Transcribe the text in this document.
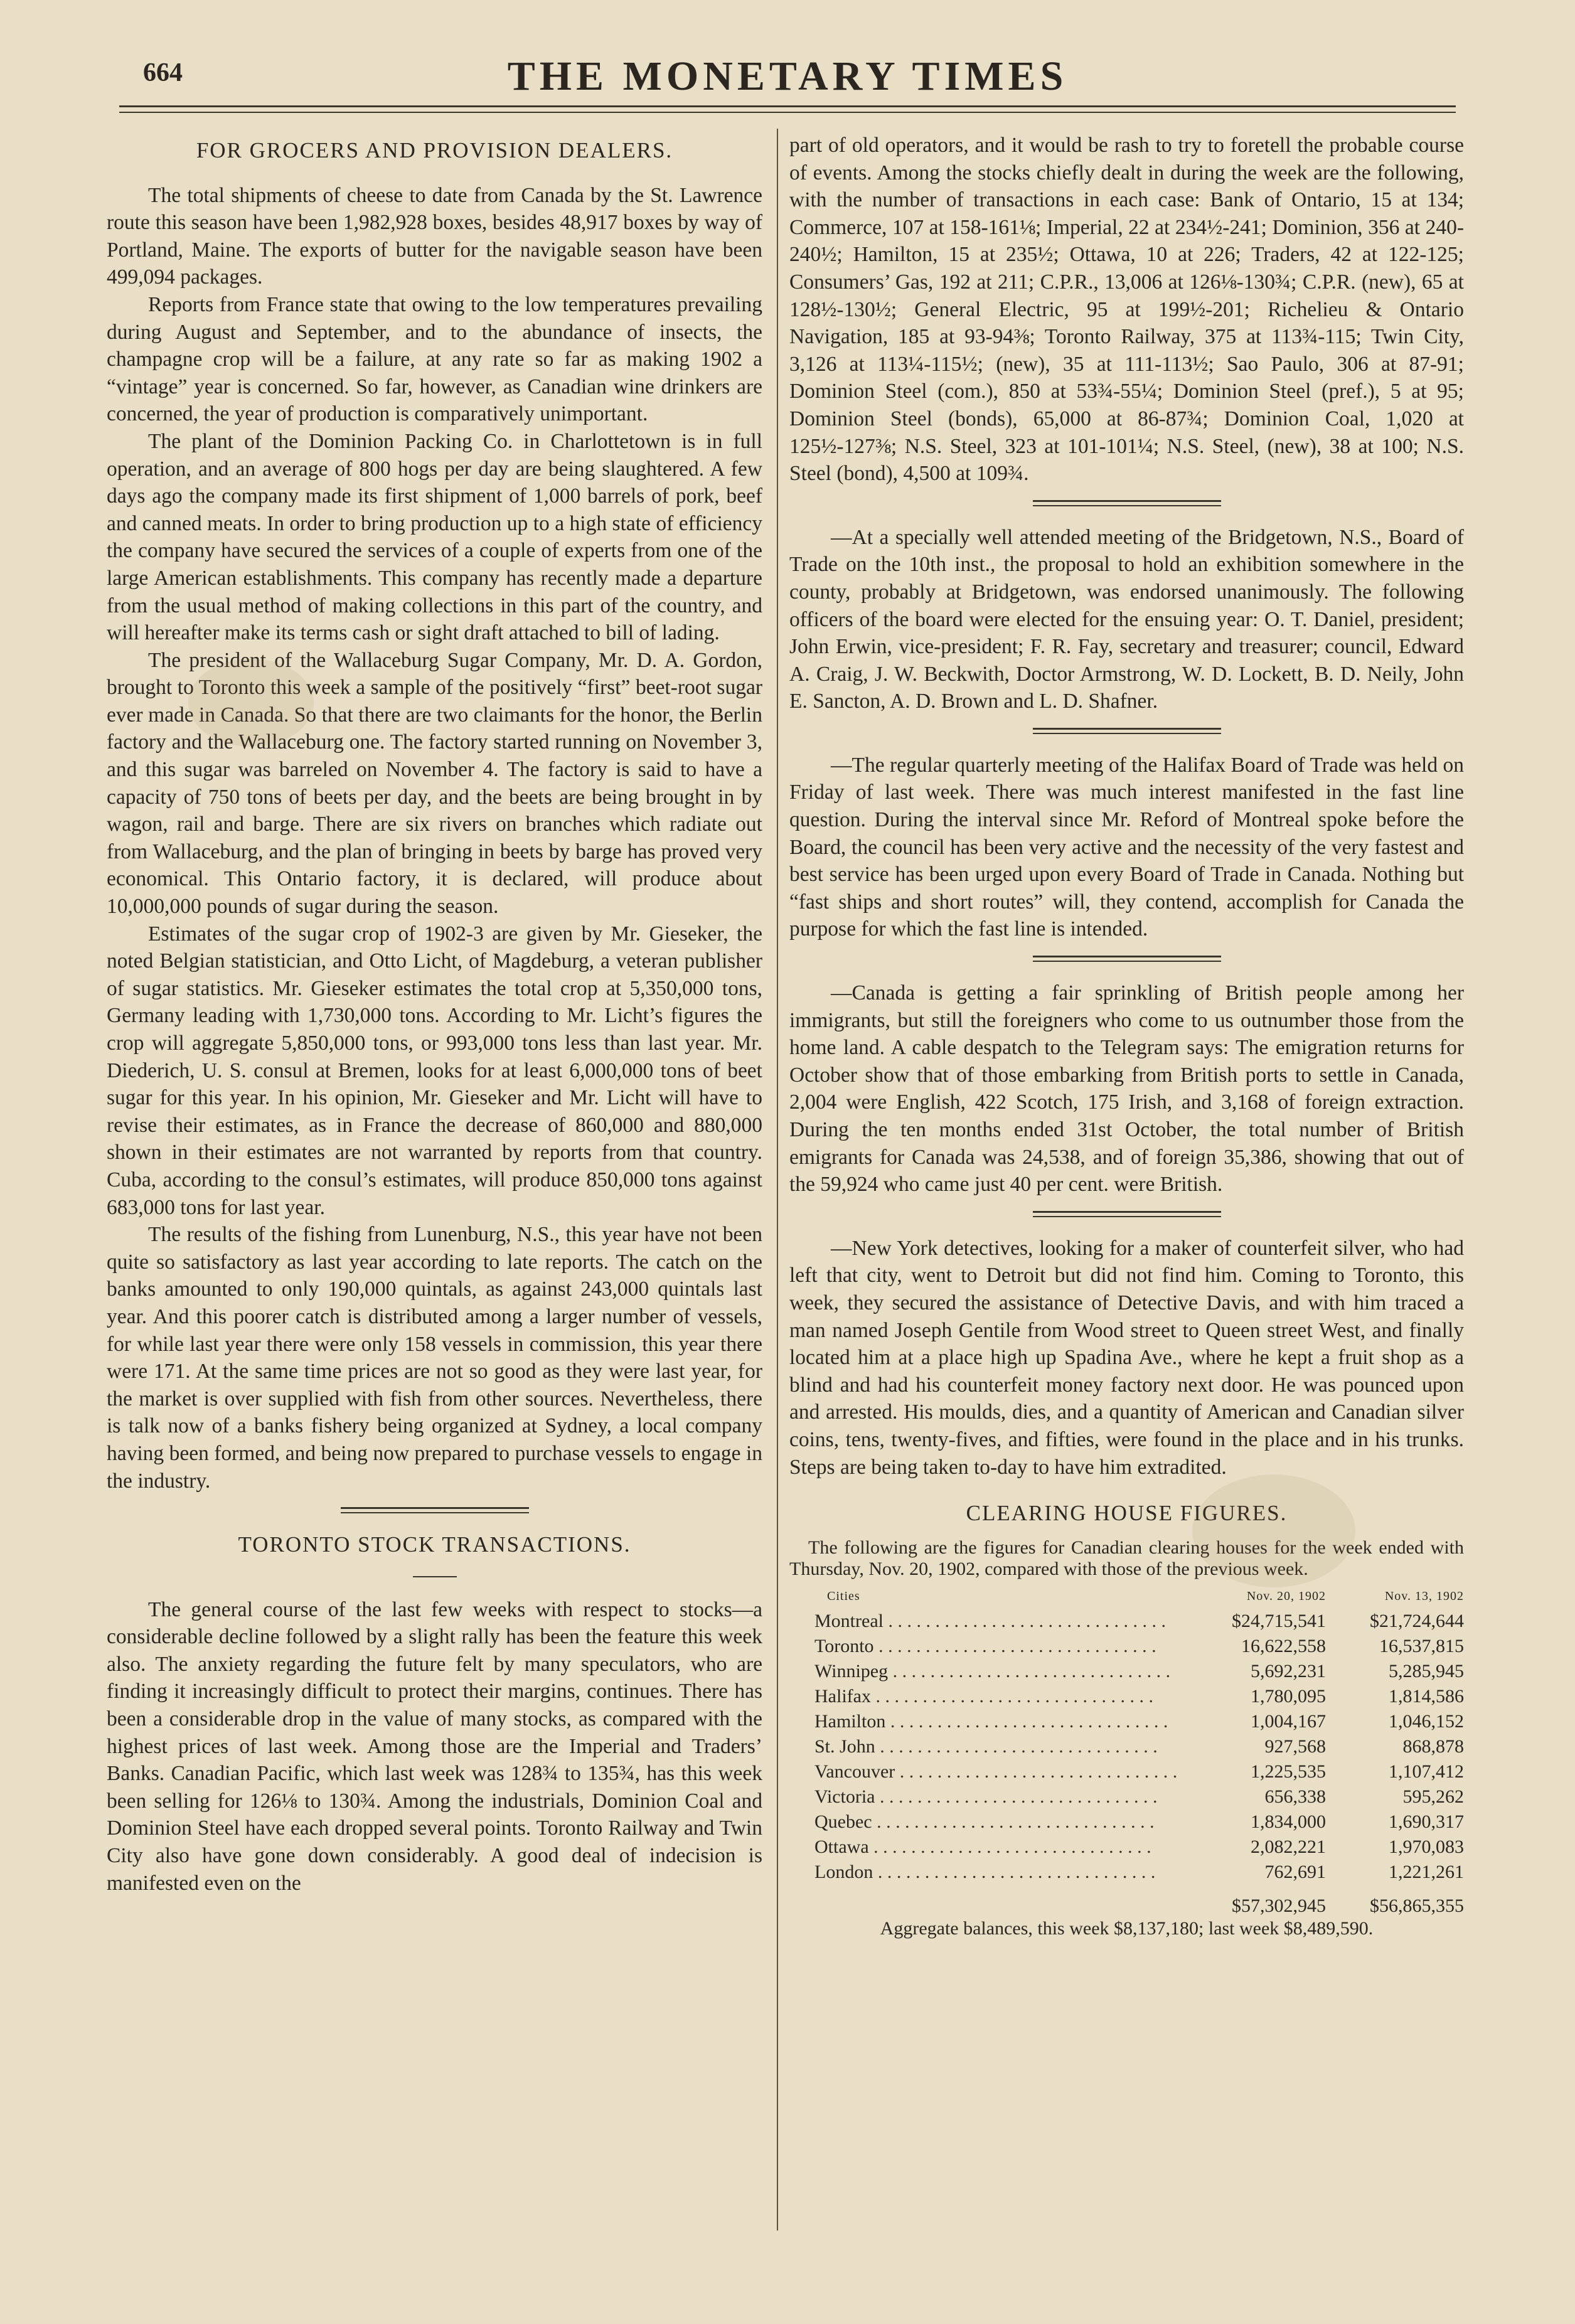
664	THE MONETARY TIMES
FOR GROCERS AND PROVISION DEALERS.

The total shipments of cheese to date from Canada by the St. Lawrence route this season have been 1,982,928 boxes, besides 48,917 boxes by way of Portland, Maine. The exports of butter for the navigable season have been 499,094 packages.

Reports from France state that owing to the low temperatures prevailing during August and September, and to the abundance of insects, the champagne crop will be a failure, at any rate so far as making 1902 a “vintage” year is concerned. So far, however, as Canadian wine drinkers are concerned, the year of production is comparatively unimportant.

The plant of the Dominion Packing Co. in Charlottetown is in full operation, and an average of 800 hogs per day are being slaughtered. A few days ago the company made its first shipment of 1,000 barrels of pork, beef and canned meats. In order to bring production up to a high state of efficiency the company have secured the services of a couple of experts from one of the large American establishments. This company has recently made a departure from the usual method of making collections in this part of the country, and will hereafter make its terms cash or sight draft attached to bill of lading.

The president of the Wallaceburg Sugar Company, Mr. D. A. Gordon, brought to Toronto this week a sample of the positively “first” beet-root sugar ever made in Canada. So that there are two claimants for the honor, the Berlin factory and the Wallaceburg one. The factory started running on November 3, and this sugar was barreled on November 4. The factory is said to have a capacity of 750 tons of beets per day, and the beets are being brought in by wagon, rail and barge. There are six rivers on branches which radiate out from Wallaceburg, and the plan of bringing in beets by barge has proved very economical. This Ontario factory, it is declared, will produce about 10,000,000 pounds of sugar during the season.

Estimates of the sugar crop of 1902-3 are given by Mr. Gieseker, the noted Belgian statistician, and Otto Licht, of Magdeburg, a veteran publisher of sugar statistics. Mr. Gieseker estimates the total crop at 5,350,000 tons, Germany leading with 1,730,000 tons. According to Mr. Licht’s figures the crop will aggregate 5,850,000 tons, or 993,000 tons less than last year. Mr. Diederich, U. S. consul at Bremen, looks for at least 6,000,000 tons of beet sugar for this year. In his opinion, Mr. Gieseker and Mr. Licht will have to revise their estimates, as in France the decrease of 860,000 and 880,000 shown in their estimates are not warranted by reports from that country. Cuba, according to the consul’s estimates, will produce 850,000 tons against 683,000 tons for last year.

The results of the fishing from Lunenburg, N.S., this year have not been quite so satisfactory as last year according to late reports. The catch on the banks amounted to only 190,000 quintals, as against 243,000 quintals last year. And this poorer catch is distributed among a larger number of vessels, for while last year there were only 158 vessels in commission, this year there were 171. At the same time prices are not so good as they were last year, for the market is over supplied with fish from other sources. Nevertheless, there is talk now of a banks fishery being organized at Sydney, a local company having been formed, and being now prepared to purchase vessels to engage in the industry.

TORONTO STOCK TRANSACTIONS.

The general course of the last few weeks with respect to stocks—a considerable decline followed by a slight rally has been the feature this week also. The anxiety regarding the future felt by many speculators, who are finding it increasingly difficult to protect their margins, continues. There has been a considerable drop in the value of many stocks, as compared with the highest prices of last week. Among those are the Imperial and Traders’ Banks. Canadian Pacific, which last week was 128¾ to 135¾, has this week been selling for 126⅛ to 130¾. Among the industrials, Dominion Coal and Dominion Steel have each dropped several points. Toronto Railway and Twin City also have gone down considerably. A good deal of indecision is manifested even on the

part of old operators, and it would be rash to try to foretell the probable course of events. Among the stocks chiefly dealt in during the week are the following, with the number of transactions in each case: Bank of Ontario, 15 at 134; Commerce, 107 at 158-161⅛; Imperial, 22 at 234½-241; Dominion, 356 at 240-240½; Hamilton, 15 at 235½; Ottawa, 10 at 226; Traders, 42 at 122-125; Consumers’ Gas, 192 at 211; C.P.R., 13,006 at 126⅛-130¾; C.P.R. (new), 65 at 128½-130½; General Electric, 95 at 199½-201; Richelieu & Ontario Navigation, 185 at 93-94⅜; Toronto Railway, 375 at 113¾-115; Twin City, 3,126 at 113¼-115½; (new), 35 at 111-113½; Sao Paulo, 306 at 87-91; Dominion Steel (com.), 850 at 53¾-55¼; Dominion Steel (pref.), 5 at 95; Dominion Steel (bonds), 65,000 at 86-87¾; Dominion Coal, 1,020 at 125½-127⅜; N.S. Steel, 323 at 101-101¼; N.S. Steel, (new), 38 at 100; N.S. Steel (bond), 4,500 at 109¾.

—At a specially well attended meeting of the Bridgetown, N.S., Board of Trade on the 10th inst., the proposal to hold an exhibition somewhere in the county, probably at Bridgetown, was endorsed unanimously. The following officers of the board were elected for the ensuing year: O. T. Daniel, president; John Erwin, vice-president; F. R. Fay, secretary and treasurer; council, Edward A. Craig, J. W. Beckwith, Doctor Armstrong, W. D. Lockett, B. D. Neily, John E. Sancton, A. D. Brown and L. D. Shafner.

—The regular quarterly meeting of the Halifax Board of Trade was held on Friday of last week. There was much interest manifested in the fast line question. During the interval since Mr. Reford of Montreal spoke before the Board, the council has been very active and the necessity of the very fastest and best service has been urged upon every Board of Trade in Canada. Nothing but “fast ships and short routes” will, they contend, accomplish for Canada the purpose for which the fast line is intended.

—Canada is getting a fair sprinkling of British people among her immigrants, but still the foreigners who come to us outnumber those from the home land. A cable despatch to the Telegram says: The emigration returns for October show that of those embarking from British ports to settle in Canada, 2,004 were English, 422 Scotch, 175 Irish, and 3,168 of foreign extraction. During the ten months ended 31st October, the total number of British emigrants for Canada was 24,538, and of foreign 35,386, showing that out of the 59,924 who came just 40 per cent. were British.

—New York detectives, looking for a maker of counterfeit silver, who had left that city, went to Detroit but did not find him. Coming to Toronto, this week, they secured the assistance of Detective Davis, and with him traced a man named Joseph Gentile from Wood street to Queen street West, and finally located him at a place high up Spadina Ave., where he kept a fruit shop as a blind and had his counterfeit money factory next door. He was pounced upon and arrested. His moulds, dies, and a quantity of American and Canadian silver coins, tens, twenty-fives, and fifties, were found in the place and in his trunks. Steps are being taken to-day to have him extradited.

CLEARING HOUSE FIGURES.
The following are the figures for Canadian clearing houses for the week ended with Thursday, Nov. 20, 1902, compared with those of the previous week.
Cities	Nov. 20, 1902	Nov. 13, 1902
Montreal . . . . . . . . . . . . . . . . . . . . . . . . . . . . . .	$24,715,541	$21,724,644
Toronto . . . . . . . . . . . . . . . . . . . . . . . . . . . . . .	16,622,558	16,537,815
Winnipeg . . . . . . . . . . . . . . . . . . . . . . . . . . . . . .	5,692,231	5,285,945
Halifax . . . . . . . . . . . . . . . . . . . . . . . . . . . . . .	1,780,095	1,814,586
Hamilton . . . . . . . . . . . . . . . . . . . . . . . . . . . . . .	1,004,167	1,046,152
St. John . . . . . . . . . . . . . . . . . . . . . . . . . . . . . .	927,568	868,878
Vancouver . . . . . . . . . . . . . . . . . . . . . . . . . . . . . .	1,225,535	1,107,412
Victoria . . . . . . . . . . . . . . . . . . . . . . . . . . . . . .	656,338	595,262
Quebec . . . . . . . . . . . . . . . . . . . . . . . . . . . . . .	1,834,000	1,690,317
Ottawa . . . . . . . . . . . . . . . . . . . . . . . . . . . . . .	2,082,221	1,970,083
London . . . . . . . . . . . . . . . . . . . . . . . . . . . . . .	762,691	1,221,261
	$57,302,945	$56,865,355
Aggregate balances, this week $8,137,180; last week $8,489,590.
